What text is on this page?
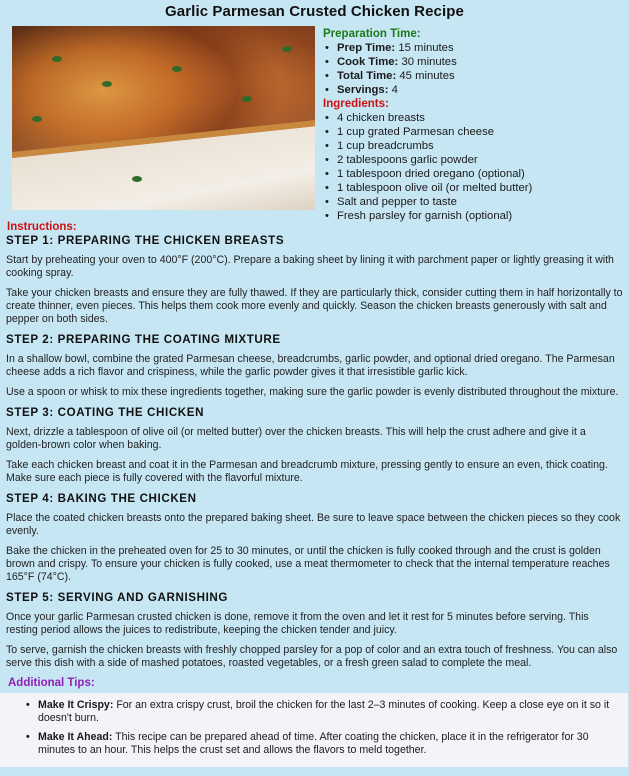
Garlic Parmesan Crusted Chicken Recipe
Preparation Time:
• Prep Time: 15 minutes
• Cook Time: 30 minutes
• Total Time: 45 minutes
• Servings: 4
Ingredients:
• 4 chicken breasts
• 1 cup grated Parmesan cheese
• 1 cup breadcrumbs
• 2 tablespoons garlic powder
• 1 tablespoon dried oregano (optional)
• 1 tablespoon olive oil (or melted butter)
• Salt and pepper to taste
• Fresh parsley for garnish (optional)
Instructions:
STEP 1: PREPARING THE CHICKEN BREASTS

Start by preheating your oven to 400°F (200°C). Prepare a baking sheet by lining it with parchment paper or lightly greasing it with cooking spray.

Take your chicken breasts and ensure they are fully thawed. If they are particularly thick, consider cutting them in half horizontally to create thinner, even pieces. This helps them cook more evenly and quickly. Season the chicken breasts generously with salt and pepper on both sides.

STEP 2: PREPARING THE COATING MIXTURE

In a shallow bowl, combine the grated Parmesan cheese, breadcrumbs, garlic powder, and optional dried oregano. The Parmesan cheese adds a rich flavor and crispiness, while the garlic powder gives it that irresistible garlic kick.

Use a spoon or whisk to mix these ingredients together, making sure the garlic powder is evenly distributed throughout the mixture.

STEP 3: COATING THE CHICKEN

Next, drizzle a tablespoon of olive oil (or melted butter) over the chicken breasts. This will help the crust adhere and give it a golden-brown color when baking.

Take each chicken breast and coat it in the Parmesan and breadcrumb mixture, pressing gently to ensure an even, thick coating. Make sure each piece is fully covered with the flavorful mixture.

STEP 4: BAKING THE CHICKEN

Place the coated chicken breasts onto the prepared baking sheet. Be sure to leave space between the chicken pieces so they cook evenly.

Bake the chicken in the preheated oven for 25 to 30 minutes, or until the chicken is fully cooked through and the crust is golden brown and crispy. To ensure your chicken is fully cooked, use a meat thermometer to check that the internal temperature reaches 165°F (74°C).

STEP 5: SERVING AND GARNISHING

Once your garlic Parmesan crusted chicken is done, remove it from the oven and let it rest for 5 minutes before serving. This resting period allows the juices to redistribute, keeping the chicken tender and juicy.

To serve, garnish the chicken breasts with freshly chopped parsley for a pop of color and an extra touch of freshness. You can also serve this dish with a side of mashed potatoes, roasted vegetables, or a fresh green salad to complete the meal.

Additional Tips:
• Make It Crispy: For an extra crispy crust, broil the chicken for the last 2–3 minutes of cooking. Keep a close eye on it so it doesn't burn.
• Make It Ahead: This recipe can be prepared ahead of time. After coating the chicken, place it in the refrigerator for 30 minutes to an hour. This helps the crust set and allows the flavors to meld together.
